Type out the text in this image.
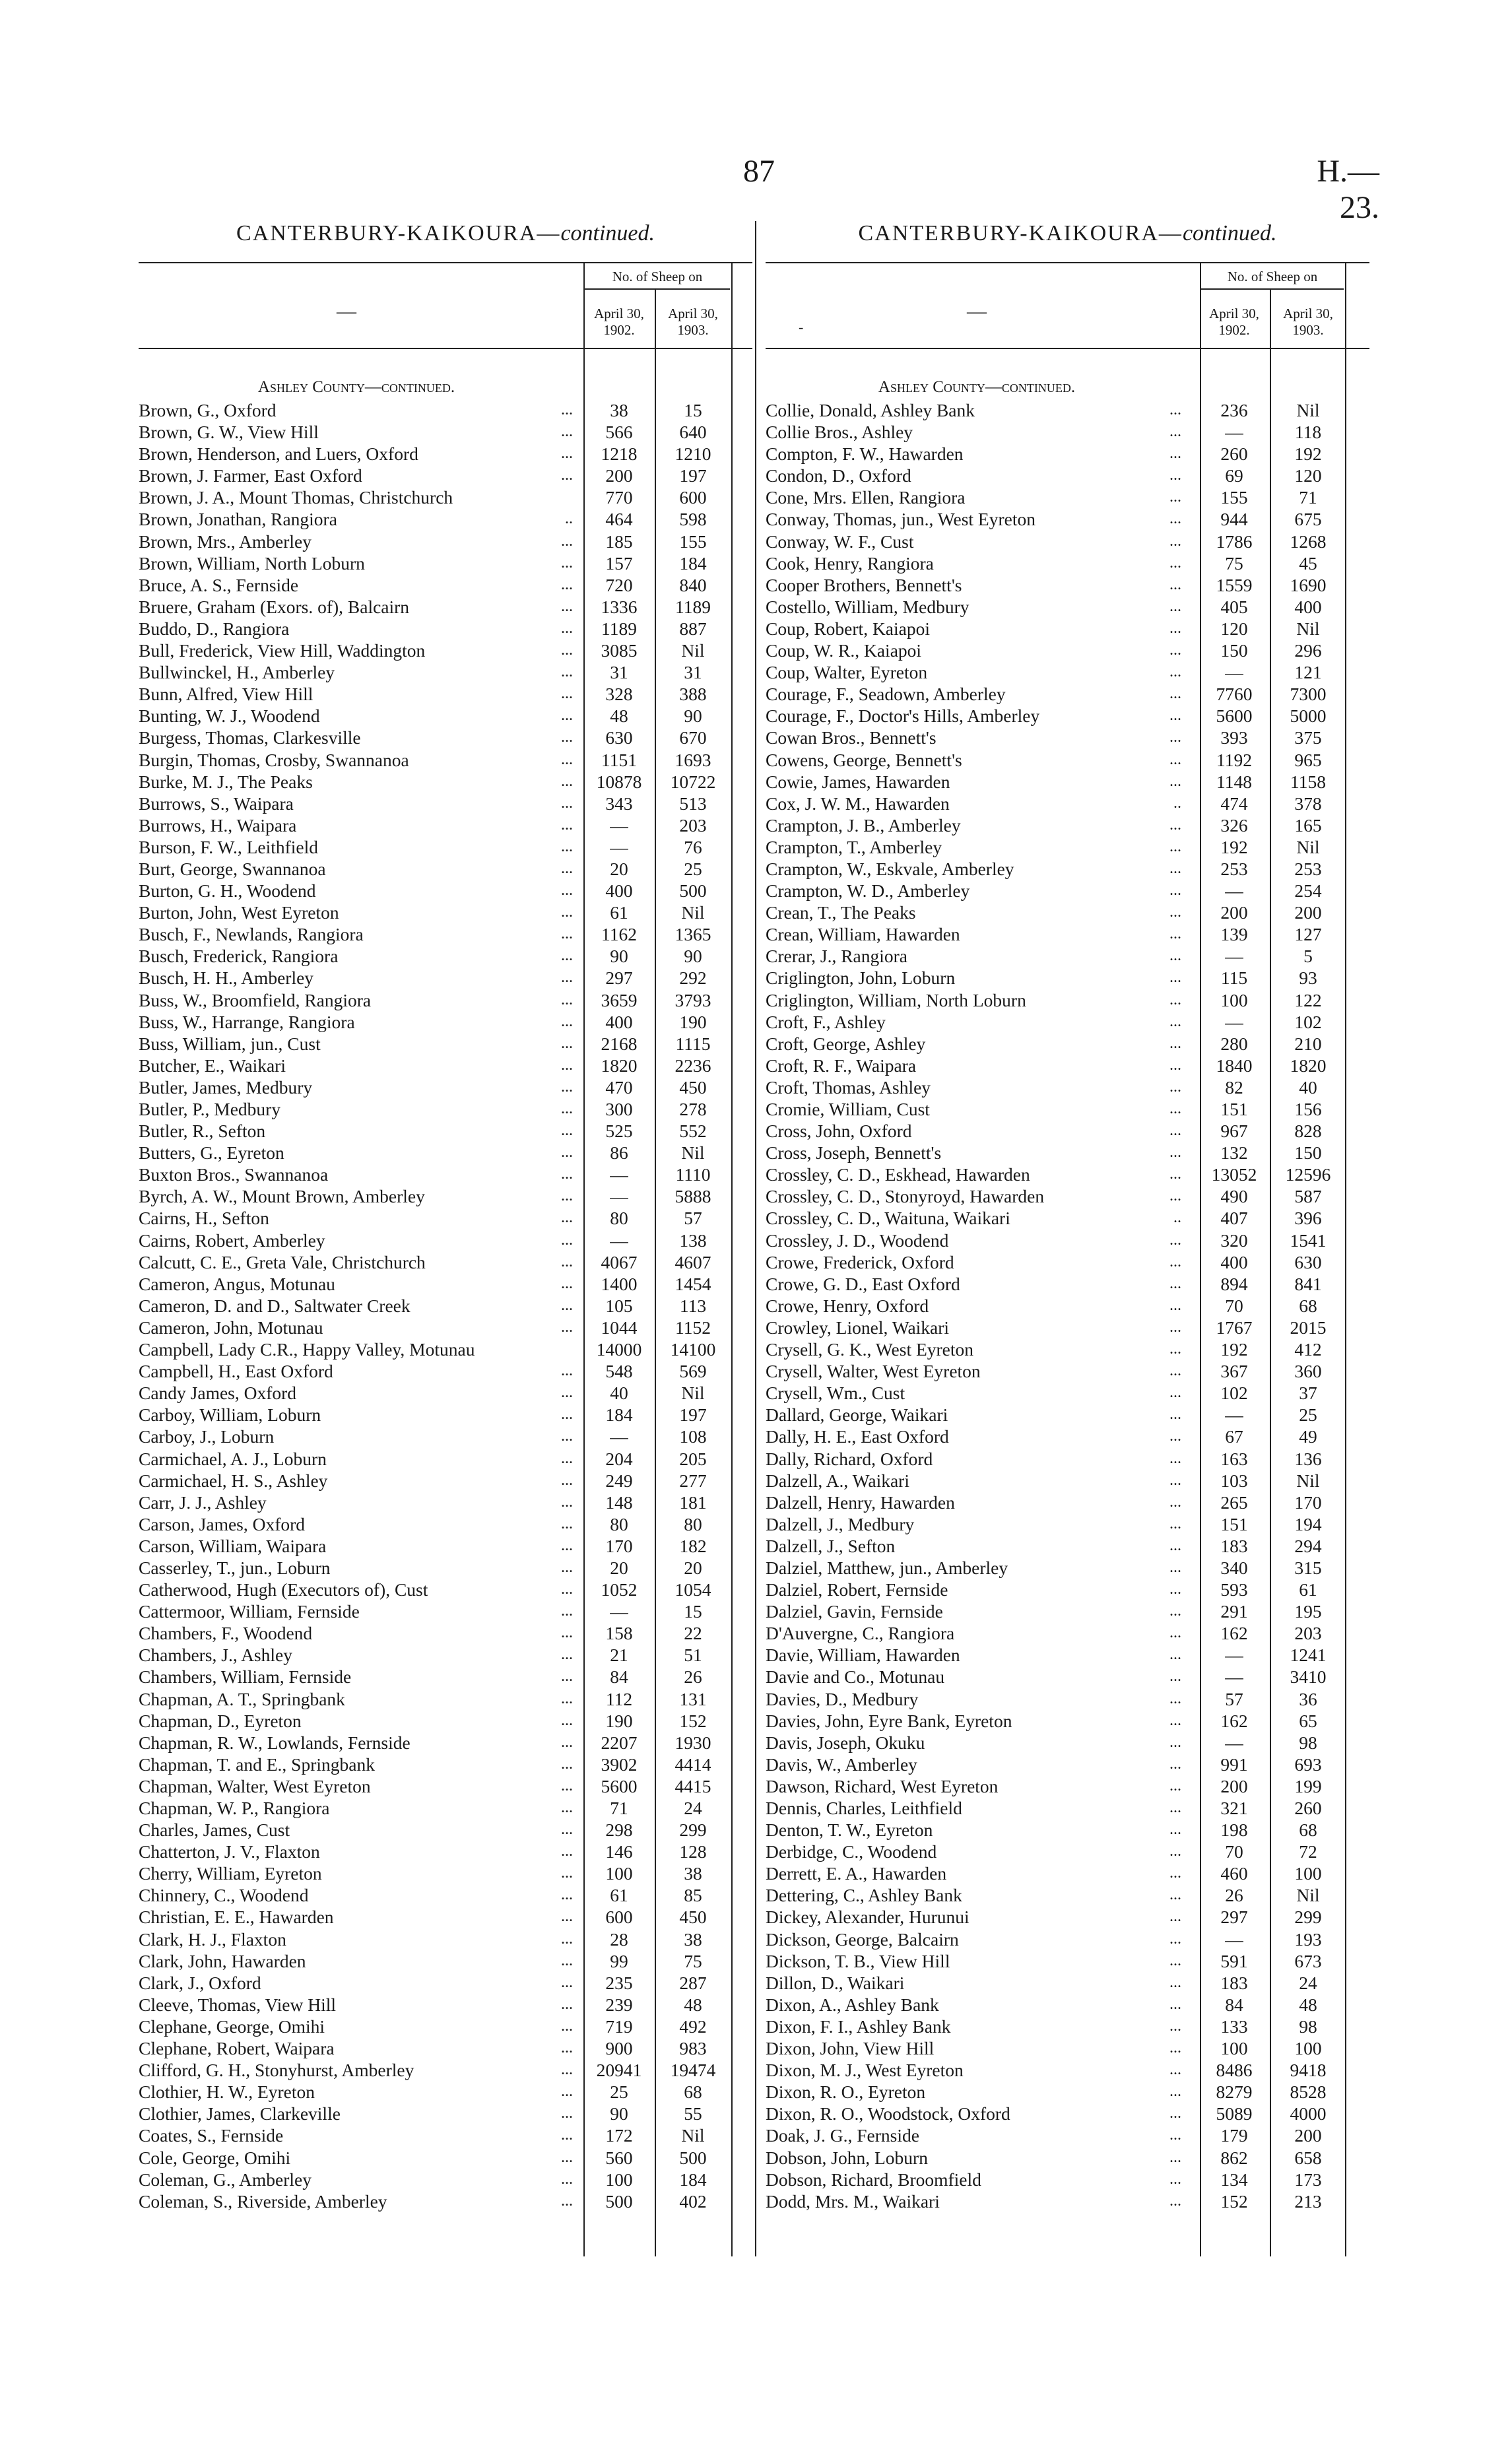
87	H.—23.
CANTERBURY-KAIKOURA—continued.
—
No. of Sheep on
April 30,
1902.
April 30,
1903.
Ashley County—continued.
Brown, G., Oxford	...	38	15
Brown, G. W., View Hill	...	566	640
Brown, Henderson, and Luers, Oxford	...	1218	1210
Brown, J. Farmer, East Oxford	...	200	197
Brown, J. A., Mount Thomas, Christchurch	770	600
Brown, Jonathan, Rangiora	..	464	598
Brown, Mrs., Amberley	...	185	155
Brown, William, North Loburn	...	157	184
Bruce, A. S., Fernside	...	720	840
Bruere, Graham (Exors. of), Balcairn	...	1336	1189
Buddo, D., Rangiora	...	1189	887
Bull, Frederick, View Hill, Waddington	...	3085	Nil
Bullwinckel, H., Amberley	...	31	31
Bunn, Alfred, View Hill	...	328	388
Bunting, W. J., Woodend	...	48	90
Burgess, Thomas, Clarkesville	...	630	670
Burgin, Thomas, Crosby, Swannanoa	...	1151	1693
Burke, M. J., The Peaks	...	10878	10722
Burrows, S., Waipara	...	343	513
Burrows, H., Waipara	...	—	203
Burson, F. W., Leithfield	...	—	76
Burt, George, Swannanoa	...	20	25
Burton, G. H., Woodend	...	400	500
Burton, John, West Eyreton	...	61	Nil
Busch, F., Newlands, Rangiora	...	1162	1365
Busch, Frederick, Rangiora	...	90	90
Busch, H. H., Amberley	...	297	292
Buss, W., Broomfield, Rangiora	...	3659	3793
Buss, W., Harrange, Rangiora	...	400	190
Buss, William, jun., Cust	...	2168	1115
Butcher, E., Waikari	...	1820	2236
Butler, James, Medbury	...	470	450
Butler, P., Medbury	...	300	278
Butler, R., Sefton	...	525	552
Butters, G., Eyreton	...	86	Nil
Buxton Bros., Swannanoa	...	—	1110
Byrch, A. W., Mount Brown, Amberley	...	—	5888
Cairns, H., Sefton	...	80	57
Cairns, Robert, Amberley	...	—	138
Calcutt, C. E., Greta Vale, Christchurch	...	4067	4607
Cameron, Angus, Motunau	...	1400	1454
Cameron, D. and D., Saltwater Creek	...	105	113
Cameron, John, Motunau	...	1044	1152
Campbell, Lady C.R., Happy Valley, Motunau	14000	14100
Campbell, H., East Oxford	...	548	569
Candy James, Oxford	...	40	Nil
Carboy, William, Loburn	...	184	197
Carboy, J., Loburn	...	—	108
Carmichael, A. J., Loburn	...	204	205
Carmichael, H. S., Ashley	...	249	277
Carr, J. J., Ashley	...	148	181
Carson, James, Oxford	...	80	80
Carson, William, Waipara	...	170	182
Casserley, T., jun., Loburn	...	20	20
Catherwood, Hugh (Executors of), Cust	...	1052	1054
Cattermoor, William, Fernside	...	—	15
Chambers, F., Woodend	...	158	22
Chambers, J., Ashley	...	21	51
Chambers, William, Fernside	...	84	26
Chapman, A. T., Springbank	...	112	131
Chapman, D., Eyreton	...	190	152
Chapman, R. W., Lowlands, Fernside	...	2207	1930
Chapman, T. and E., Springbank	...	3902	4414
Chapman, Walter, West Eyreton	...	5600	4415
Chapman, W. P., Rangiora	...	71	24
Charles, James, Cust	...	298	299
Chatterton, J. V., Flaxton	...	146	128
Cherry, William, Eyreton	...	100	38
Chinnery, C., Woodend	...	61	85
Christian, E. E., Hawarden	...	600	450
Clark, H. J., Flaxton	...	28	38
Clark, John, Hawarden	...	99	75
Clark, J., Oxford	...	235	287
Cleeve, Thomas, View Hill	...	239	48
Clephane, George, Omihi	...	719	492
Clephane, Robert, Waipara	...	900	983
Clifford, G. H., Stonyhurst, Amberley	...	20941	19474
Clothier, H. W., Eyreton	...	25	68
Clothier, James, Clarkeville	...	90	55
Coates, S., Fernside	...	172	Nil
Cole, George, Omihi	...	560	500
Coleman, G., Amberley	...	100	184
Coleman, S., Riverside, Amberley	...	500	402
CANTERBURY-KAIKOURA—continued.
—
-
No. of Sheep on
April 30,
1902.
April 30,
1903.
Ashley County—continued.
Collie, Donald, Ashley Bank	...	236	Nil
Collie Bros., Ashley	...	—	118
Compton, F. W., Hawarden	...	260	192
Condon, D., Oxford	...	69	120
Cone, Mrs. Ellen, Rangiora	...	155	71
Conway, Thomas, jun., West Eyreton	...	944	675
Conway, W. F., Cust	...	1786	1268
Cook, Henry, Rangiora	...	75	45
Cooper Brothers, Bennett's	...	1559	1690
Costello, William, Medbury	...	405	400
Coup, Robert, Kaiapoi	...	120	Nil
Coup, W. R., Kaiapoi	...	150	296
Coup, Walter, Eyreton	...	—	121
Courage, F., Seadown, Amberley	...	7760	7300
Courage, F., Doctor's Hills, Amberley	...	5600	5000
Cowan Bros., Bennett's	...	393	375
Cowens, George, Bennett's	...	1192	965
Cowie, James, Hawarden	...	1148	1158
Cox, J. W. M., Hawarden	..	474	378
Crampton, J. B., Amberley	...	326	165
Crampton, T., Amberley	...	192	Nil
Crampton, W., Eskvale, Amberley	...	253	253
Crampton, W. D., Amberley	...	—	254
Crean, T., The Peaks	...	200	200
Crean, William, Hawarden	...	139	127
Crerar, J., Rangiora	...	—	5
Criglington, John, Loburn	...	115	93
Criglington, William, North Loburn	...	100	122
Croft, F., Ashley	...	—	102
Croft, George, Ashley	...	280	210
Croft, R. F., Waipara	...	1840	1820
Croft, Thomas, Ashley	...	82	40
Cromie, William, Cust	...	151	156
Cross, John, Oxford	...	967	828
Cross, Joseph, Bennett's	...	132	150
Crossley, C. D., Eskhead, Hawarden	...	13052	12596
Crossley, C. D., Stonyroyd, Hawarden	...	490	587
Crossley, C. D., Waituna, Waikari	..	407	396
Crossley, J. D., Woodend	...	320	1541
Crowe, Frederick, Oxford	...	400	630
Crowe, G. D., East Oxford	...	894	841
Crowe, Henry, Oxford	...	70	68
Crowley, Lionel, Waikari	...	1767	2015
Crysell, G. K., West Eyreton	...	192	412
Crysell, Walter, West Eyreton	...	367	360
Crysell, Wm., Cust	...	102	37
Dallard, George, Waikari	...	—	25
Dally, H. E., East Oxford	...	67	49
Dally, Richard, Oxford	...	163	136
Dalzell, A., Waikari	...	103	Nil
Dalzell, Henry, Hawarden	...	265	170
Dalzell, J., Medbury	...	151	194
Dalzell, J., Sefton	...	183	294
Dalziel, Matthew, jun., Amberley	...	340	315
Dalziel, Robert, Fernside	...	593	61
Dalziel, Gavin, Fernside	...	291	195
D'Auvergne, C., Rangiora	...	162	203
Davie, William, Hawarden	...	—	1241
Davie and Co., Motunau	...	—	3410
Davies, D., Medbury	...	57	36
Davies, John, Eyre Bank, Eyreton	...	162	65
Davis, Joseph, Okuku	...	—	98
Davis, W., Amberley	...	991	693
Dawson, Richard, West Eyreton	...	200	199
Dennis, Charles, Leithfield	...	321	260
Denton, T. W., Eyreton	...	198	68
Derbidge, C., Woodend	...	70	72
Derrett, E. A., Hawarden	...	460	100
Dettering, C., Ashley Bank	...	26	Nil
Dickey, Alexander, Hurunui	...	297	299
Dickson, George, Balcairn	...	—	193
Dickson, T. B., View Hill	...	591	673
Dillon, D., Waikari	...	183	24
Dixon, A., Ashley Bank	...	84	48
Dixon, F. I., Ashley Bank	...	133	98
Dixon, John, View Hill	...	100	100
Dixon, M. J., West Eyreton	...	8486	9418
Dixon, R. O., Eyreton	...	8279	8528
Dixon, R. O., Woodstock, Oxford	...	5089	4000
Doak, J. G., Fernside	...	179	200
Dobson, John, Loburn	...	862	658
Dobson, Richard, Broomfield	...	134	173
Dodd, Mrs. M., Waikari	...	152	213
